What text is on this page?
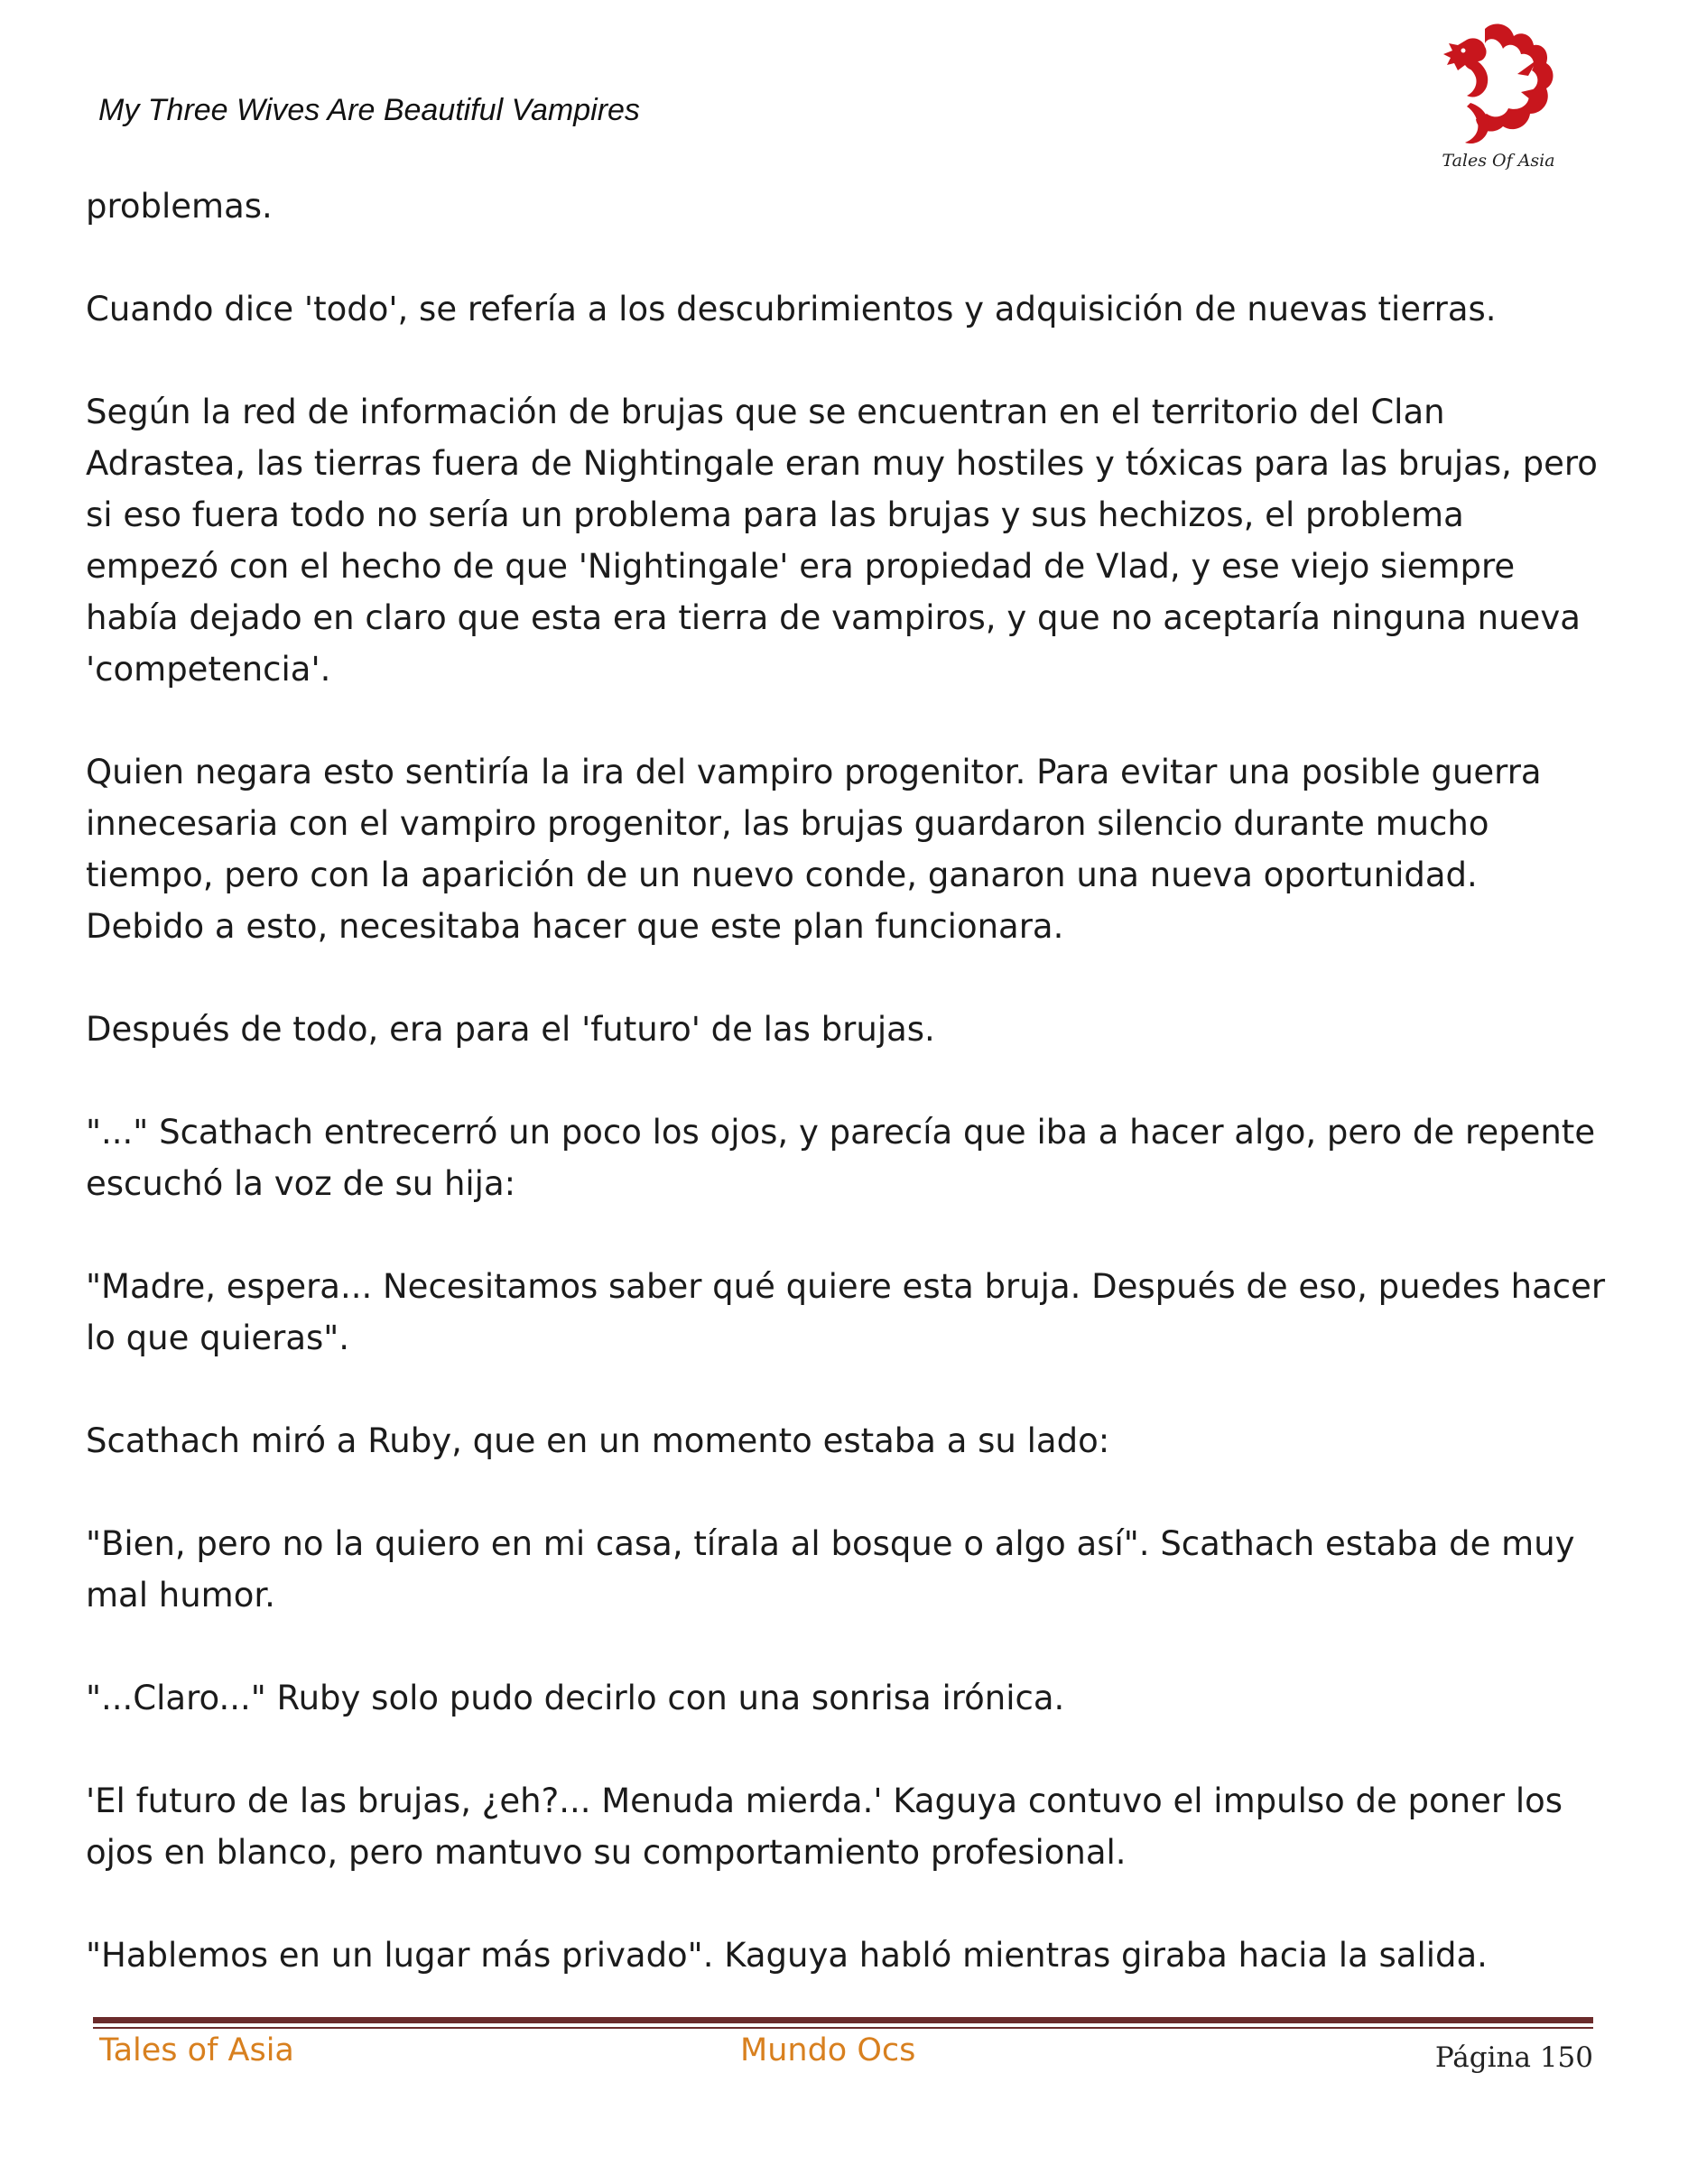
My Three Wives Are Beautiful Vampires
Tales Of Asia

problemas.

Cuando dice 'todo', se refería a los descubrimientos y adquisición de nuevas tierras.

Según la red de información de brujas que se encuentran en el territorio del Clan
Adrastea, las tierras fuera de Nightingale eran muy hostiles y tóxicas para las brujas, pero
si eso fuera todo no sería un problema para las brujas y sus hechizos, el problema
empezó con el hecho de que 'Nightingale' era propiedad de Vlad, y ese viejo siempre
había dejado en claro que esta era tierra de vampiros, y que no aceptaría ninguna nueva
'competencia'.

Quien negara esto sentiría la ira del vampiro progenitor. Para evitar una posible guerra
innecesaria con el vampiro progenitor, las brujas guardaron silencio durante mucho
tiempo, pero con la aparición de un nuevo conde, ganaron una nueva oportunidad.
Debido a esto, necesitaba hacer que este plan funcionara.

Después de todo, era para el 'futuro' de las brujas.

"..." Scathach entrecerró un poco los ojos, y parecía que iba a hacer algo, pero de repente
escuchó la voz de su hija:

"Madre, espera... Necesitamos saber qué quiere esta bruja. Después de eso, puedes hacer
lo que quieras".

Scathach miró a Ruby, que en un momento estaba a su lado:

"Bien, pero no la quiero en mi casa, tírala al bosque o algo así". Scathach estaba de muy
mal humor.

"...Claro..." Ruby solo pudo decirlo con una sonrisa irónica.

'El futuro de las brujas, ¿eh?... Menuda mierda.' Kaguya contuvo el impulso de poner los
ojos en blanco, pero mantuvo su comportamiento profesional.

"Hablemos en un lugar más privado". Kaguya habló mientras giraba hacia la salida.

Tales of Asia	Mundo Ocs	Página 150
